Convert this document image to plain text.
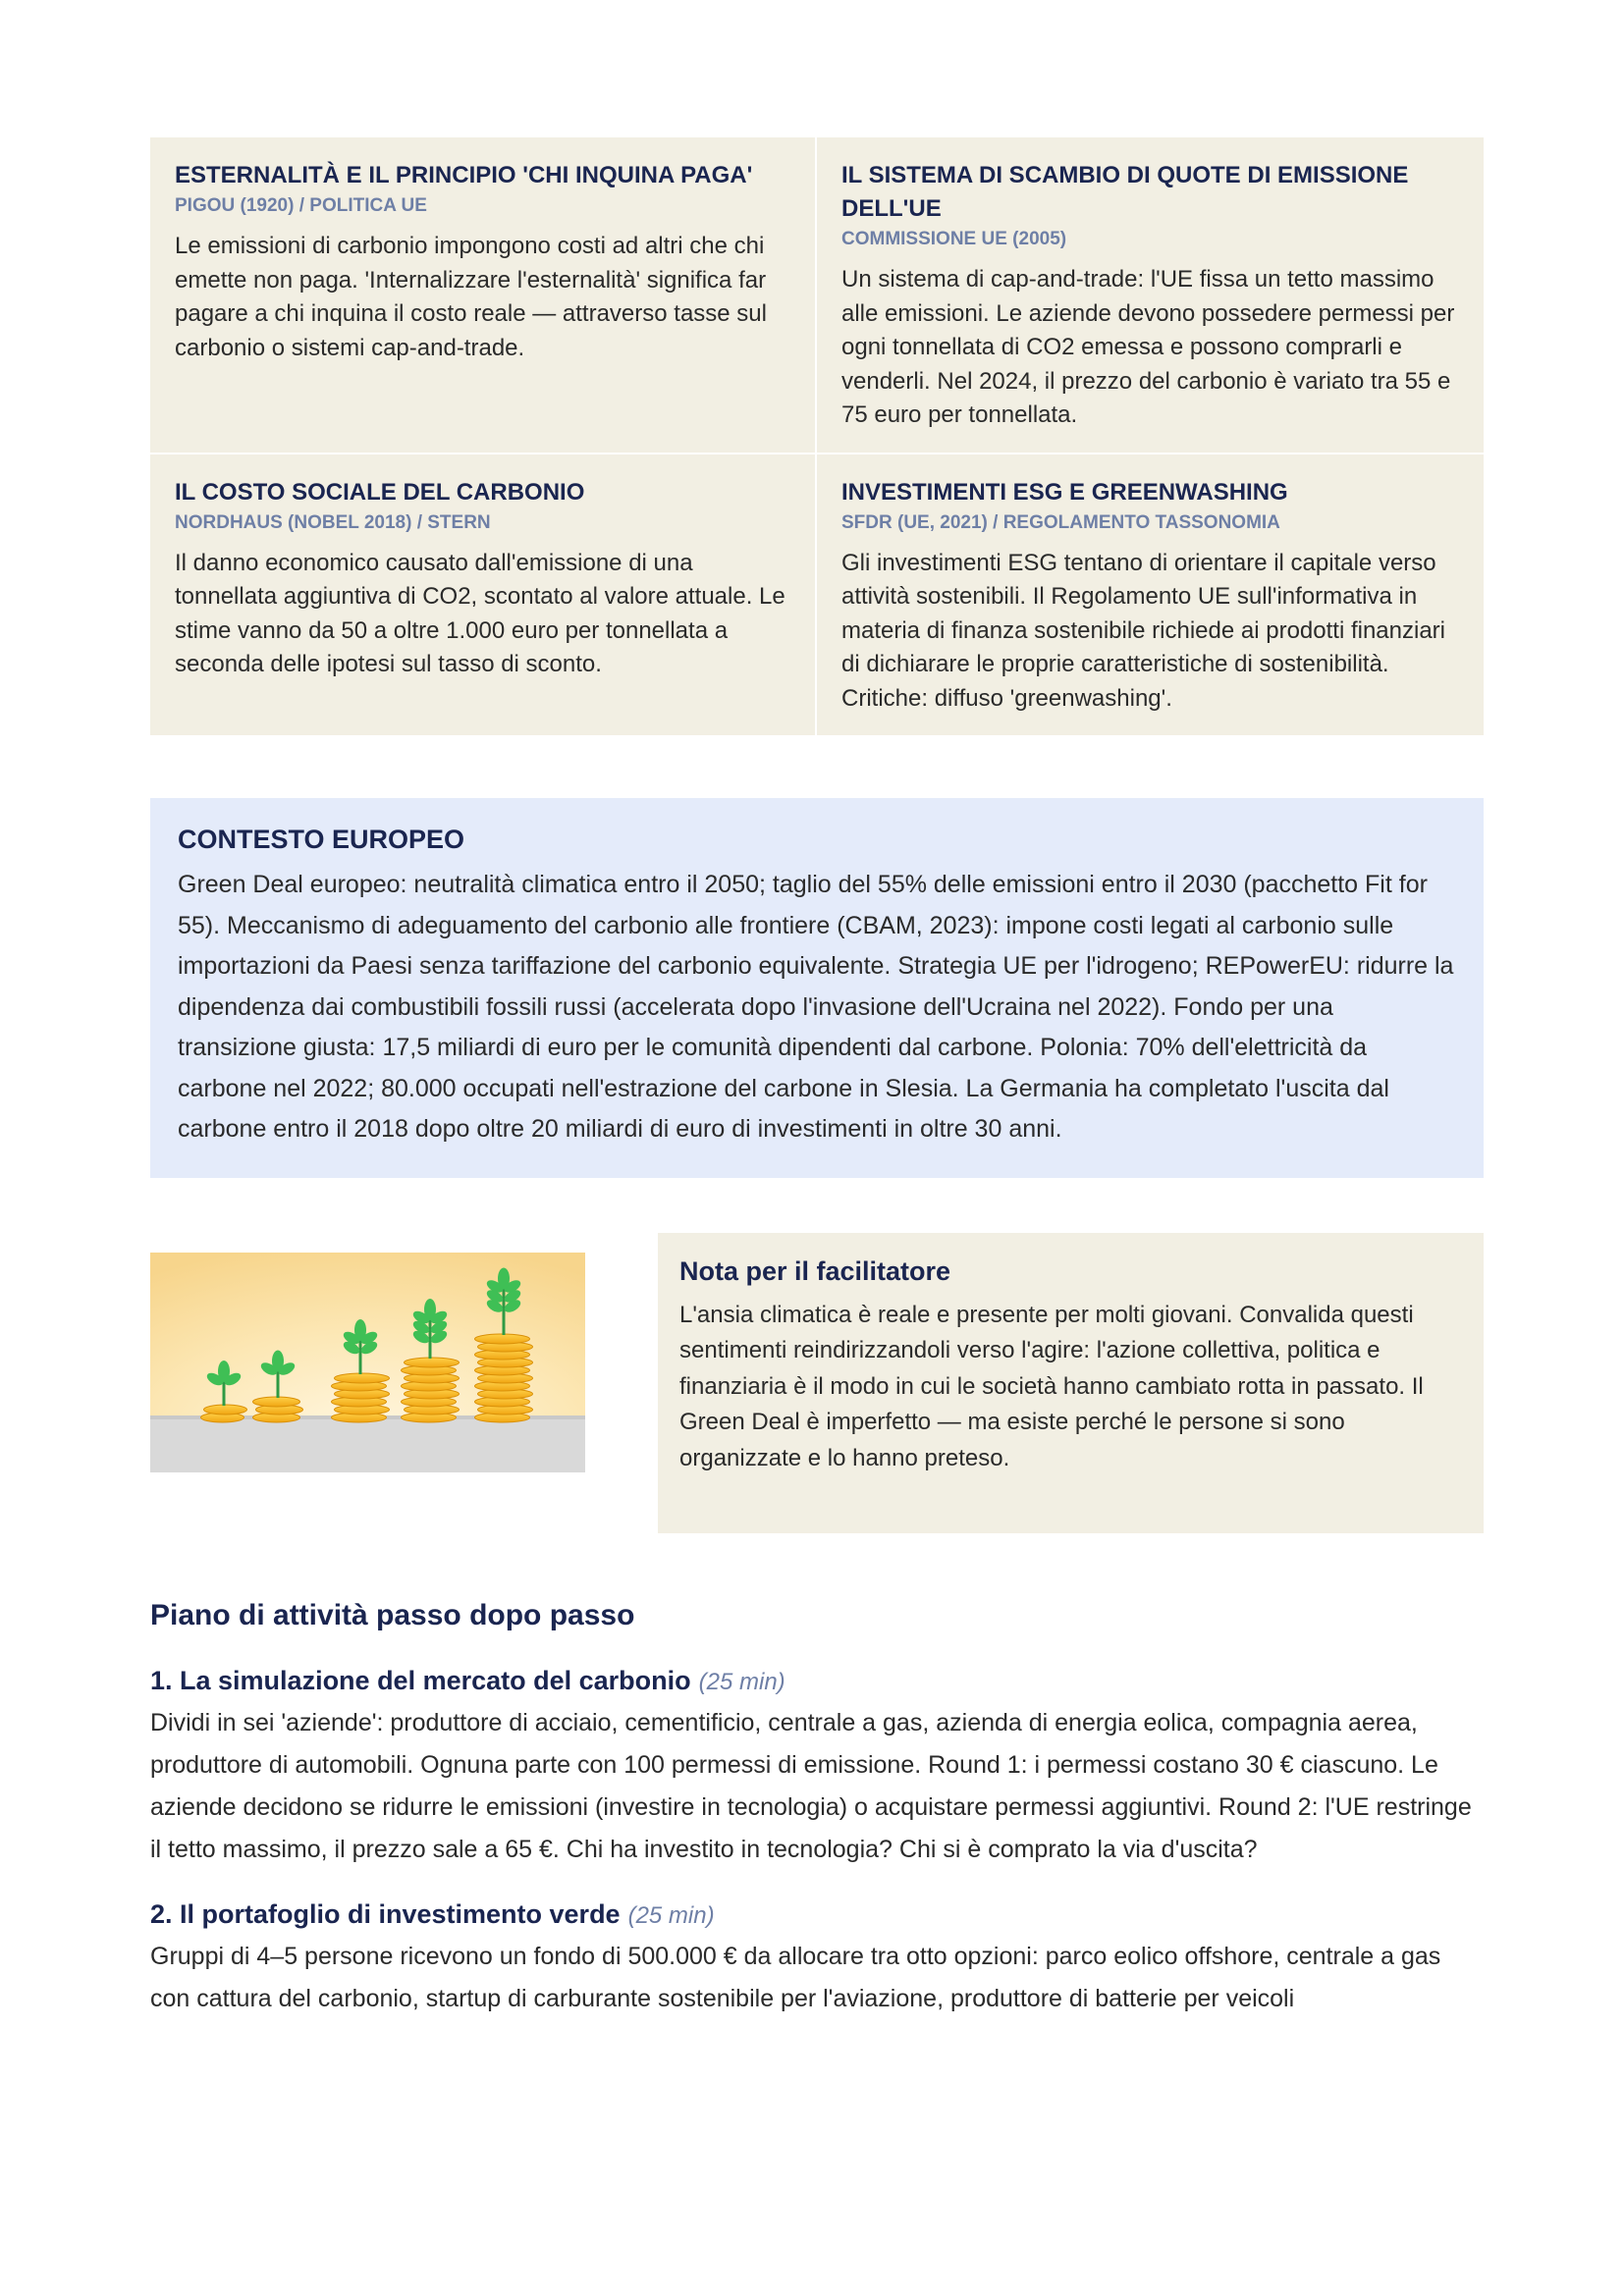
ESTERNALITÀ E IL PRINCIPIO 'CHI INQUINA PAGA'
PIGOU (1920) / POLITICA UE

Le emissioni di carbonio impongono costi ad altri che chi emette non paga. 'Internalizzare l'esternalità' significa far pagare a chi inquina il costo reale — attraverso tasse sul carbonio o sistemi cap-and-trade.

IL SISTEMA DI SCAMBIO DI QUOTE DI EMISSIONE DELL'UE
COMMISSIONE UE (2005)

Un sistema di cap-and-trade: l'UE fissa un tetto massimo alle emissioni. Le aziende devono possedere permessi per ogni tonnellata di CO2 emessa e possono comprarli e venderli. Nel 2024, il prezzo del carbonio è variato tra 55 e 75 euro per tonnellata.

IL COSTO SOCIALE DEL CARBONIO
NORDHAUS (NOBEL 2018) / STERN

Il danno economico causato dall'emissione di una tonnellata aggiuntiva di CO2, scontato al valore attuale. Le stime vanno da 50 a oltre 1.000 euro per tonnellata a seconda delle ipotesi sul tasso di sconto.

INVESTIMENTI ESG E GREENWASHING
SFDR (UE, 2021) / REGOLAMENTO TASSONOMIA

Gli investimenti ESG tentano di orientare il capitale verso attività sostenibili. Il Regolamento UE sull'informativa in materia di finanza sostenibile richiede ai prodotti finanziari di dichiarare le proprie caratteristiche di sostenibilità. Critiche: diffuso 'greenwashing'.

CONTESTO EUROPEO

Green Deal europeo: neutralità climatica entro il 2050; taglio del 55% delle emissioni entro il 2030 (pacchetto Fit for 55). Meccanismo di adeguamento del carbonio alle frontiere (CBAM, 2023): impone costi legati al carbonio sulle importazioni da Paesi senza tariffazione del carbonio equivalente. Strategia UE per l'idrogeno; REPowerEU: ridurre la dipendenza dai combustibili fossili russi (accelerata dopo l'invasione dell'Ucraina nel 2022). Fondo per una transizione giusta: 17,5 miliardi di euro per le comunità dipendenti dal carbone. Polonia: 70% dell'elettricità da carbone nel 2022; 80.000 occupati nell'estrazione del carbone in Slesia. La Germania ha completato l'uscita dal carbone entro il 2018 dopo oltre 20 miliardi di euro di investimenti in oltre 30 anni.

Nota per il facilitatore

L'ansia climatica è reale e presente per molti giovani. Convalida questi sentimenti reindirizzandoli verso l'agire: l'azione collettiva, politica e finanziaria è il modo in cui le società hanno cambiato rotta in passato. Il Green Deal è imperfetto — ma esiste perché le persone si sono organizzate e lo hanno preteso.

Piano di attività passo dopo passo
1. La simulazione del mercato del carbonio (25 min)

Dividi in sei 'aziende': produttore di acciaio, cementificio, centrale a gas, azienda di energia eolica, compagnia aerea, produttore di automobili. Ognuna parte con 100 permessi di emissione. Round 1: i permessi costano 30 € ciascuno. Le aziende decidono se ridurre le emissioni (investire in tecnologia) o acquistare permessi aggiuntivi. Round 2: l'UE restringe il tetto massimo, il prezzo sale a 65 €. Chi ha investito in tecnologia? Chi si è comprato la via d'uscita?

2. Il portafoglio di investimento verde (25 min)

Gruppi di 4–5 persone ricevono un fondo di 500.000 € da allocare tra otto opzioni: parco eolico offshore, centrale a gas con cattura del carbonio, startup di carburante sostenibile per l'aviazione, produttore di batterie per veicoli
